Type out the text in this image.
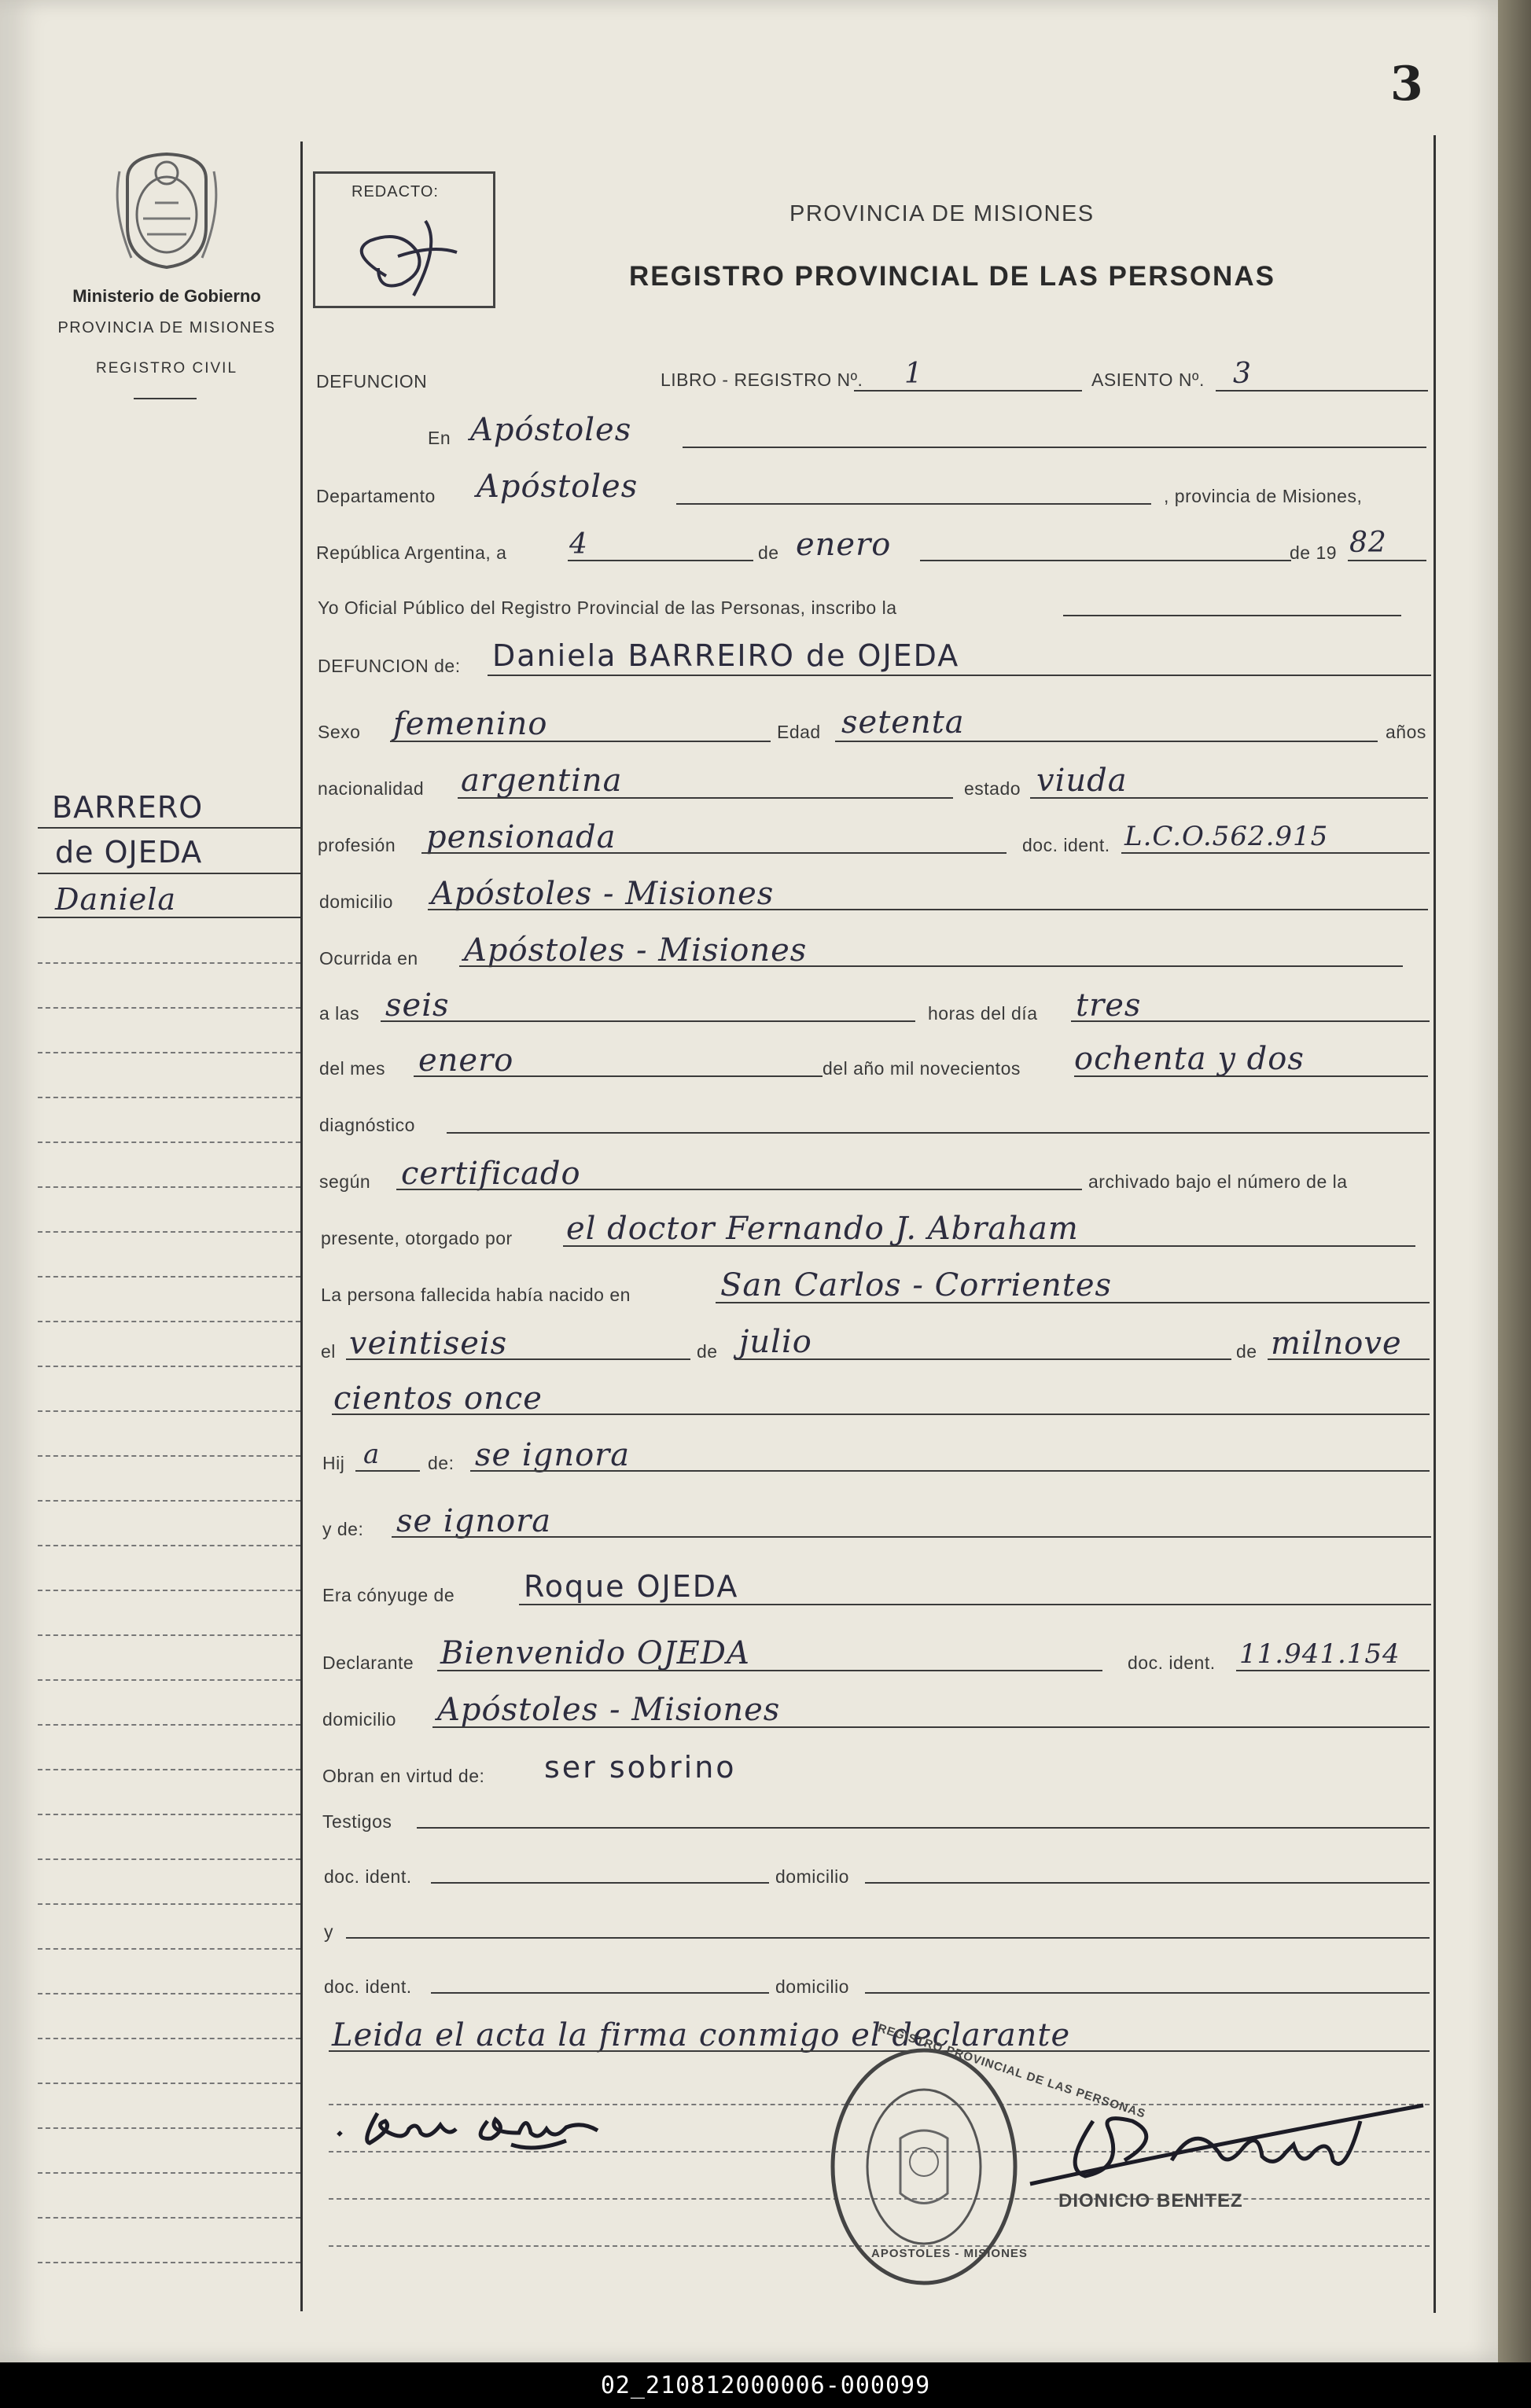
3
Ministerio de Gobierno
PROVINCIA DE MISIONES
REGISTRO CIVIL
REDACTO:
PROVINCIA DE MISIONES
REGISTRO PROVINCIAL DE LAS PERSONAS
BARRERO
de OJEDA
Daniela
DEFUNCION	LIBRO - REGISTRO Nº. 1	ASIENTO Nº. 3
En Apóstoles
Departamento Apóstoles	, provincia de Misiones,
República Argentina, a 4	de enero	de 19 82
Yo Oficial Público del Registro Provincial de las Personas, inscribo la
DEFUNCION de: Daniela BARREIRO de OJEDA
Sexo femenino	Edad setenta	años
nacionalidad argentina	estado viuda
profesión pensionada	doc. ident. L.C.O.562.915
domicilio Apóstoles - Misiones
Ocurrida en Apóstoles - Misiones
a las seis	horas del día tres
del mes enero	del año mil novecientos ochenta y dos
diagnóstico
según certificado	archivado bajo el número de la
presente, otorgado por el doctor Fernando J. Abraham
La persona fallecida había nacido en	San Carlos - Corrientes
el veintiseis	de julio	de milnove
cientos once
Hij a	de: se ignora
y de: se ignora
Era cónyuge de Roque OJEDA
Declarante Bienvenido OJEDA	doc. ident. 11.941.154
domicilio Apóstoles - Misiones
Obran en virtud de: ser sobrino
Testigos
doc. ident.	domicilio
y
doc. ident.	domicilio
Leida el acta la firma conmigo el declarante
REGISTRO PROVINCIAL DE LAS PERSONAS
APOSTOLES - MISIONES
DIONICIO BENITEZ
02_210812000006-000099
